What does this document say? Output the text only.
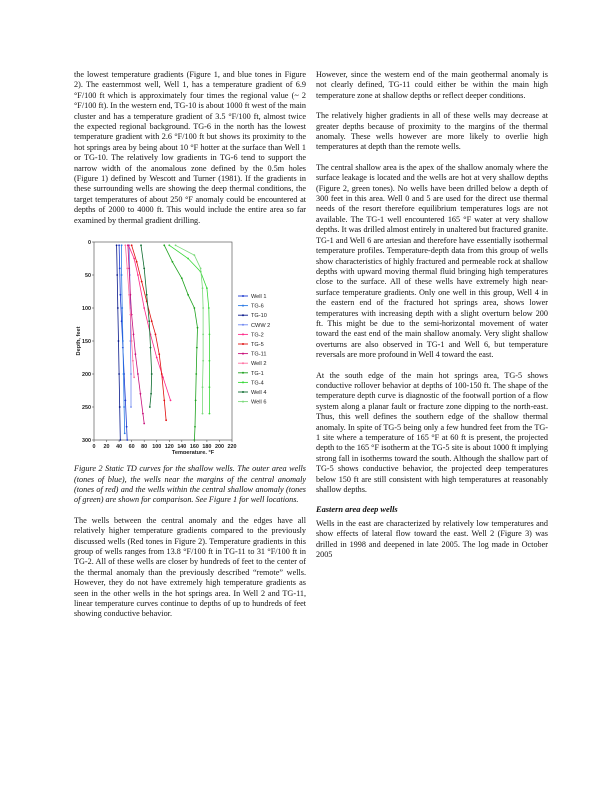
the lowest temperature gradients (Figure 1, and blue tones in Figure 2). The easternmost well, Well 1, has a temperature gradient of 6.9 °F/100 ft which is approximately four times the regional value (~ 2 °F/100 ft). In the western end, TG-10 is about 1000 ft west of the main cluster and has a temperature gradient of 3.5 °F/100 ft, almost twice the expected regional background. TG-6 in the north has the lowest temperature gradient with 2.6 °F/100 ft but shows its proximity to the hot springs area by being about 10 °F hotter at the surface than Well 1 or TG-10. The relatively low gradients in TG-6 tend to support the narrow width of the anomalous zone defined by the 0.5m holes (Figure 1) defined by Wescott and Turner (1981). If the gradients in these surrounding wells are showing the deep thermal conditions, the target temperatures of about 250 °F anomaly could be encountered at depths of 2000 to 4000 ft. This would include the entire area so far examined by thermal gradient drilling.

0
50
100
150
200
250
300
0 20 40 60 80 100 120 140 160 180 200 220
Temperature, °F
Depth, feet
Well 1
TG-6
TG-10
CWW 2
TG-2
TG-5
TG-11
Well 2
TG-1
TG-4
Well 4
Well 6

Figure 2 Static TD curves for the shallow wells. The outer area wells (tones of blue), the wells near the margins of the central anomaly (tones of red) and the wells within the central shallow anomaly (tones of green) are shown for comparison. See Figure 1 for well locations.

The wells between the central anomaly and the edges have all relatively higher temperature gradients compared to the previously discussed wells (Red tones in Figure 2). Temperature gradients in this group of wells ranges from 13.8 °F/100 ft in TG-11 to 31 °F/100 ft in TG-2. All of these wells are closer by hundreds of feet to the center of the thermal anomaly than the previously described “remote” wells. However, they do not have extremely high temperature gradients as seen in the other wells in the hot springs area. In Well 2 and TG-11, linear temperature curves continue to depths of up to hundreds of feet showing conductive behavior.

However, since the western end of the main geothermal anomaly is not clearly defined, TG-11 could either be within the main high temperature zone at shallow depths or reflect deeper conditions.

The relatively higher gradients in all of these wells may decrease at greater depths because of proximity to the margins of the thermal anomaly. These wells however are more likely to overlie high temperatures at depth than the remote wells.

The central shallow area is the apex of the shallow anomaly where the surface leakage is located and the wells are hot at very shallow depths (Figure 2, green tones). No wells have been drilled below a depth of 300 feet in this area. Well 0 and 5 are used for the direct use thermal needs of the resort therefore equilibrium temperatures logs are not available. The TG-1 well encountered 165 °F water at very shallow depths. It was drilled almost entirely in unaltered but fractured granite. TG-1 and Well 6 are artesian and therefore have essentially isothermal temperature profiles. Temperature-depth data from this group of wells show characteristics of highly fractured and permeable rock at shallow depths with upward moving thermal fluid bringing high temperatures close to the surface. All of these wells have extremely high near-surface temperature gradients. Only one well in this group, Well 4 in the eastern end of the fractured hot springs area, shows lower temperatures with increasing depth with a slight overturn below 200 ft. This might be due to the semi-horizontal movement of water toward the east end of the main shallow anomaly. Very slight shallow overturns are also observed in TG-1 and Well 6, but temperature reversals are more profound in Well 4 toward the east.

At the south edge of the main hot springs area, TG-5 shows conductive rollover behavior at depths of 100-150 ft. The shape of the temperature depth curve is diagnostic of the footwall portion of a flow system along a planar fault or fracture zone dipping to the north-east. Thus, this well defines the southern edge of the shallow thermal anomaly. In spite of TG-5 being only a few hundred feet from the TG-1 site where a temperature of 165 °F at 60 ft is present, the projected depth to the 165 °F isotherm at the TG-5 site is about 1000 ft implying strong fall in isotherms toward the south. Although the shallow part of TG-5 shows conductive behavior, the projected deep temperatures below 150 ft are still consistent with high temperatures at reasonably shallow depths.

Eastern area deep wells

Wells in the east are characterized by relatively low temperatures and show effects of lateral flow toward the east. Well 2 (Figure 3) was drilled in 1998 and deepened in late 2005. The log made in October 2005
